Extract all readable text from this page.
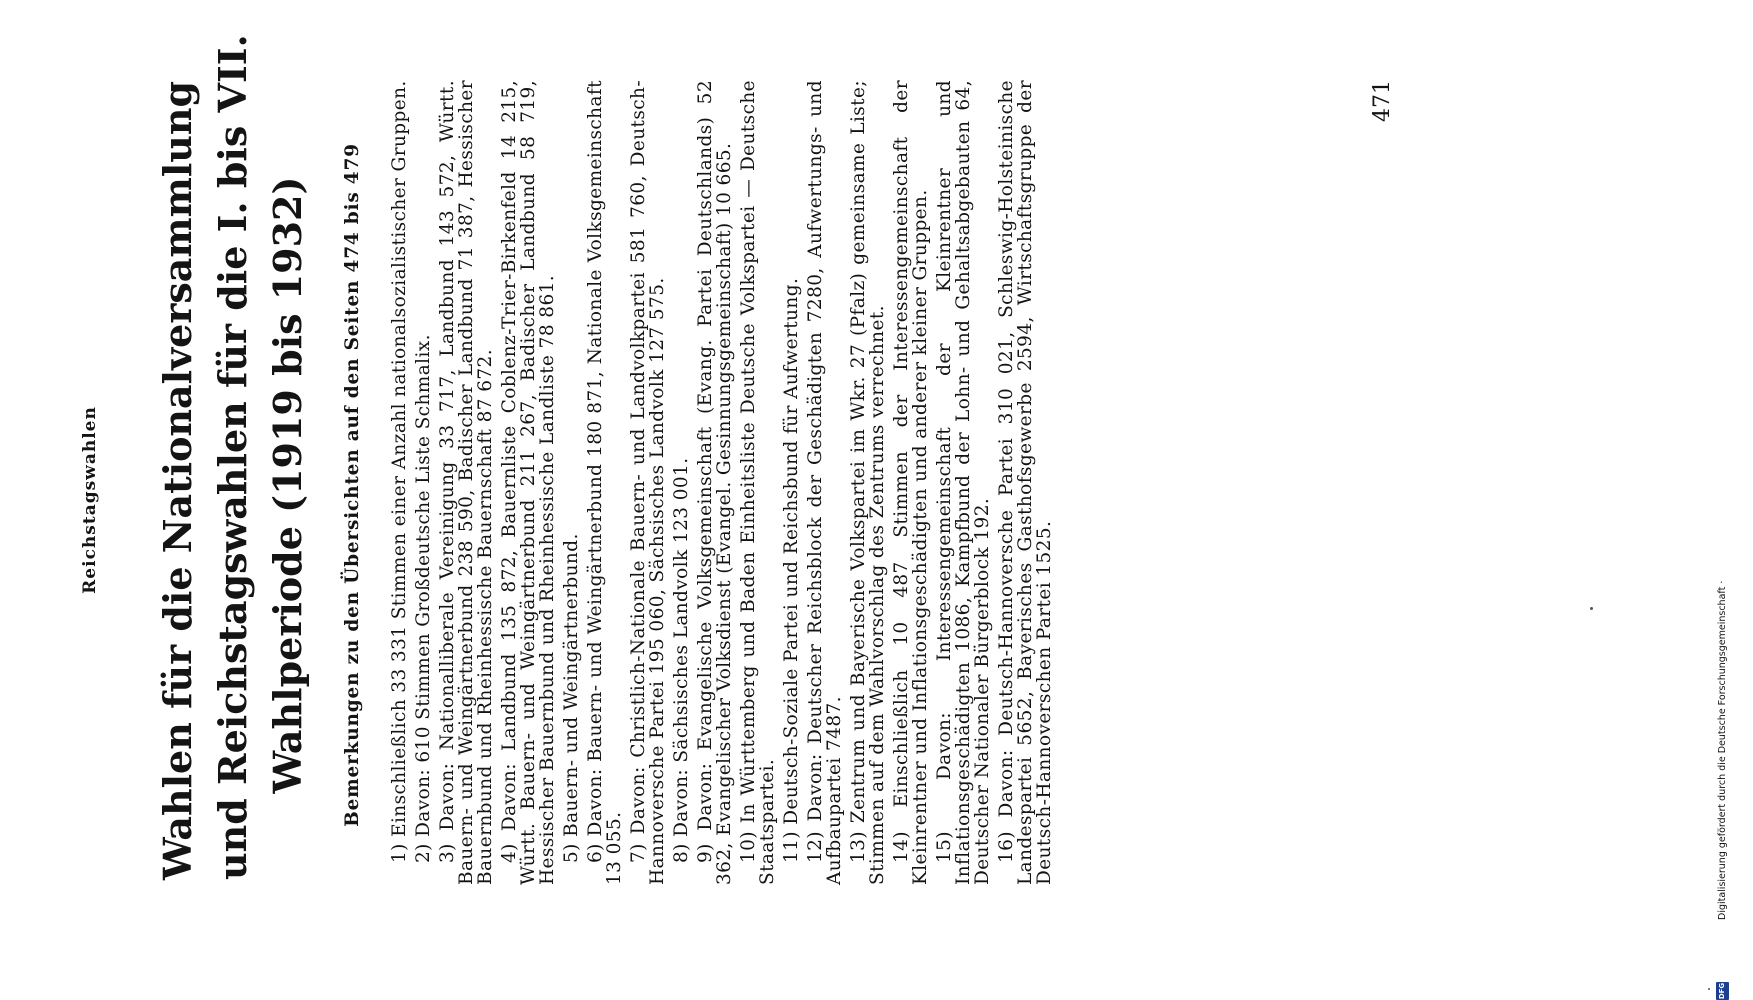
Reichstagswahlen Wahlen für die Nationalversammlung und Reichstagswahlen für die I. bis VII. Wahlperiode (1919 bis 1932) Bemerkungen zu den Übersichten auf den Seiten 474 bis 479 1) Einschließlich 33 331 Stimmen einer Anzahl nationalsozialistischer Gruppen. 2) Davon: 610 Stimmen Großdeutsche Liste Schmalix. 3) Davon: Nationalliberale Vereinigung 33 717, Landbund 143 572, Württ. Bauern- und Weingärtnerbund 238 590, Badischer Landbund 71 387, Hessischer Bauernbund und Rheinhessische Bauernschaft 87 672. 4) Davon: Landbund 135 872, Bauernliste Coblenz-Trier-Birkenfeld 14 215, Württ. Bauern- und Weingärtnerbund 211 267, Badischer Landbund 58 719, Hessischer Bauernbund und Rheinhessische Landliste 78 861. 5) Bauern- und Weingärtnerbund. 6) Davon: Bauern- und Weingärtnerbund 180 871, Nationale Volksgemeinschaft 13 055. 7) Davon: Christlich-Nationale Bauern- und Landvolkpartei 581 760, Deutsch-Hannoversche Partei 195 060, Sächsisches Landvolk 127 575. 8) Davon: Sächsisches Landvolk 123 001. 9) Davon: Evangelische Volksgemeinschaft (Evang. Partei Deutschlands) 52 362, Evangelischer Volksdienst (Evangel. Gesinnungsgemeinschaft) 10 665. 10) In Württemberg und Baden Einheitsliste Deutsche Volkspartei — Deutsche Staatspartei. 11) Deutsch-Soziale Partei und Reichsbund für Aufwertung. 12) Davon: Deutscher Reichsblock der Geschädigten 7280, Aufwertungs- und Aufbaupartei 7487. 13) Zentrum und Bayerische Volkspartei im Wkr. 27 (Pfalz) gemeinsame Liste; Stimmen auf dem Wahlvorschlag des Zentrums verrechnet. 14) Einschließlich 10 487 Stimmen der Interessengemeinschaft der Kleinrentner und Inflationsgeschädigten und anderer kleiner Gruppen. 15) Davon: Interessengemeinschaft der Kleinrentner und Inflationsgeschädigten 1086, Kampfbund der Lohn- und Gehaltsabgebauten 64, Deutscher Nationaler Bürgerblock 192. 16) Davon: Deutsch-Hannoversche Partei 310 021, Schleswig-Holsteinische Landespartei 5652, Bayerisches Gasthofsgewerbe 2594, Wirtschaftsgruppe der Deutsch-Hannoverschen Partei 1525.

471
DFG
Digitalisierung gefördert durch die Deutsche Forschungsgemeinschaft ·
